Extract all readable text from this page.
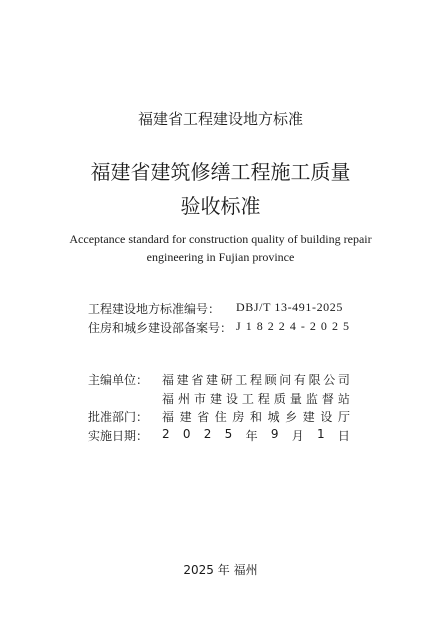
福建省工程建设地方标准
福建省建筑修缮工程施工质量
验收标准
Acceptance standard for construction quality of building repair
engineering in Fujian province
工程建设地方标准编号： DBJ/T 13-491-2025
住房和城乡建设部备案号： J 1 8 2 2 4 - 2 0 2 5
主编单位： 福 建 省 建 研 工 程 顾 问 有 限 公 司
福 州 市 建 设 工 程 质 量 监 督 站
批准部门： 福 建 省 住 房 和 城 乡 建 设 厅
实施日期： 2 0 2 5 年 9 月 1 日
2025 年 福州
